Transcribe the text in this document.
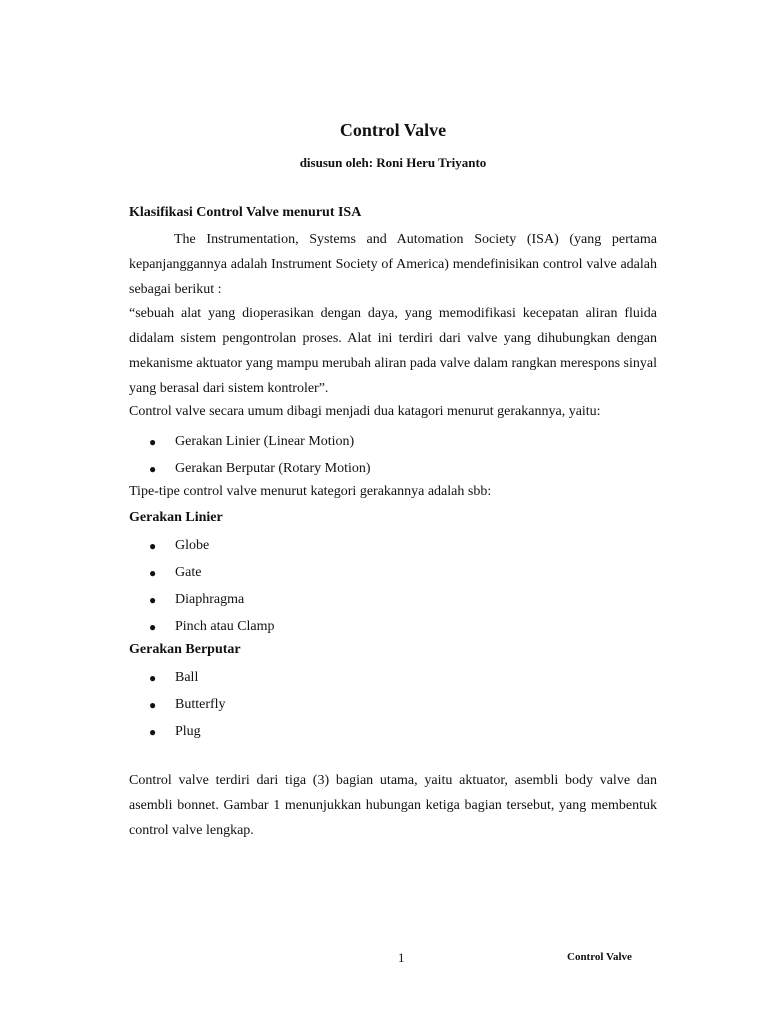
Control Valve
disusun oleh: Roni Heru Triyanto
Klasifikasi Control Valve menurut ISA
The Instrumentation, Systems and Automation Society (ISA) (yang pertama kepanjanggannya adalah Instrument Society of America) mendefinisikan control valve adalah sebagai berikut :
“sebuah alat yang dioperasikan dengan daya, yang memodifikasi kecepatan aliran fluida didalam sistem pengontrolan proses. Alat ini terdiri dari valve yang dihubungkan dengan mekanisme aktuator yang mampu merubah aliran pada valve dalam rangkan merespons sinyal yang berasal dari sistem kontroler”.
Control valve secara umum dibagi menjadi dua katagori menurut gerakannya, yaitu:
● Gerakan Linier (Linear Motion)
● Gerakan Berputar (Rotary Motion)
Tipe-tipe control valve menurut kategori gerakannya adalah sbb:
Gerakan Linier
● Globe
● Gate
● Diaphragma
● Pinch atau Clamp
Gerakan Berputar
● Ball
● Butterfly
● Plug
Control valve terdiri dari tiga (3) bagian utama, yaitu aktuator, asembli body valve dan asembli bonnet. Gambar 1 menunjukkan hubungan ketiga bagian tersebut, yang membentuk control valve lengkap.
1	Control Valve
